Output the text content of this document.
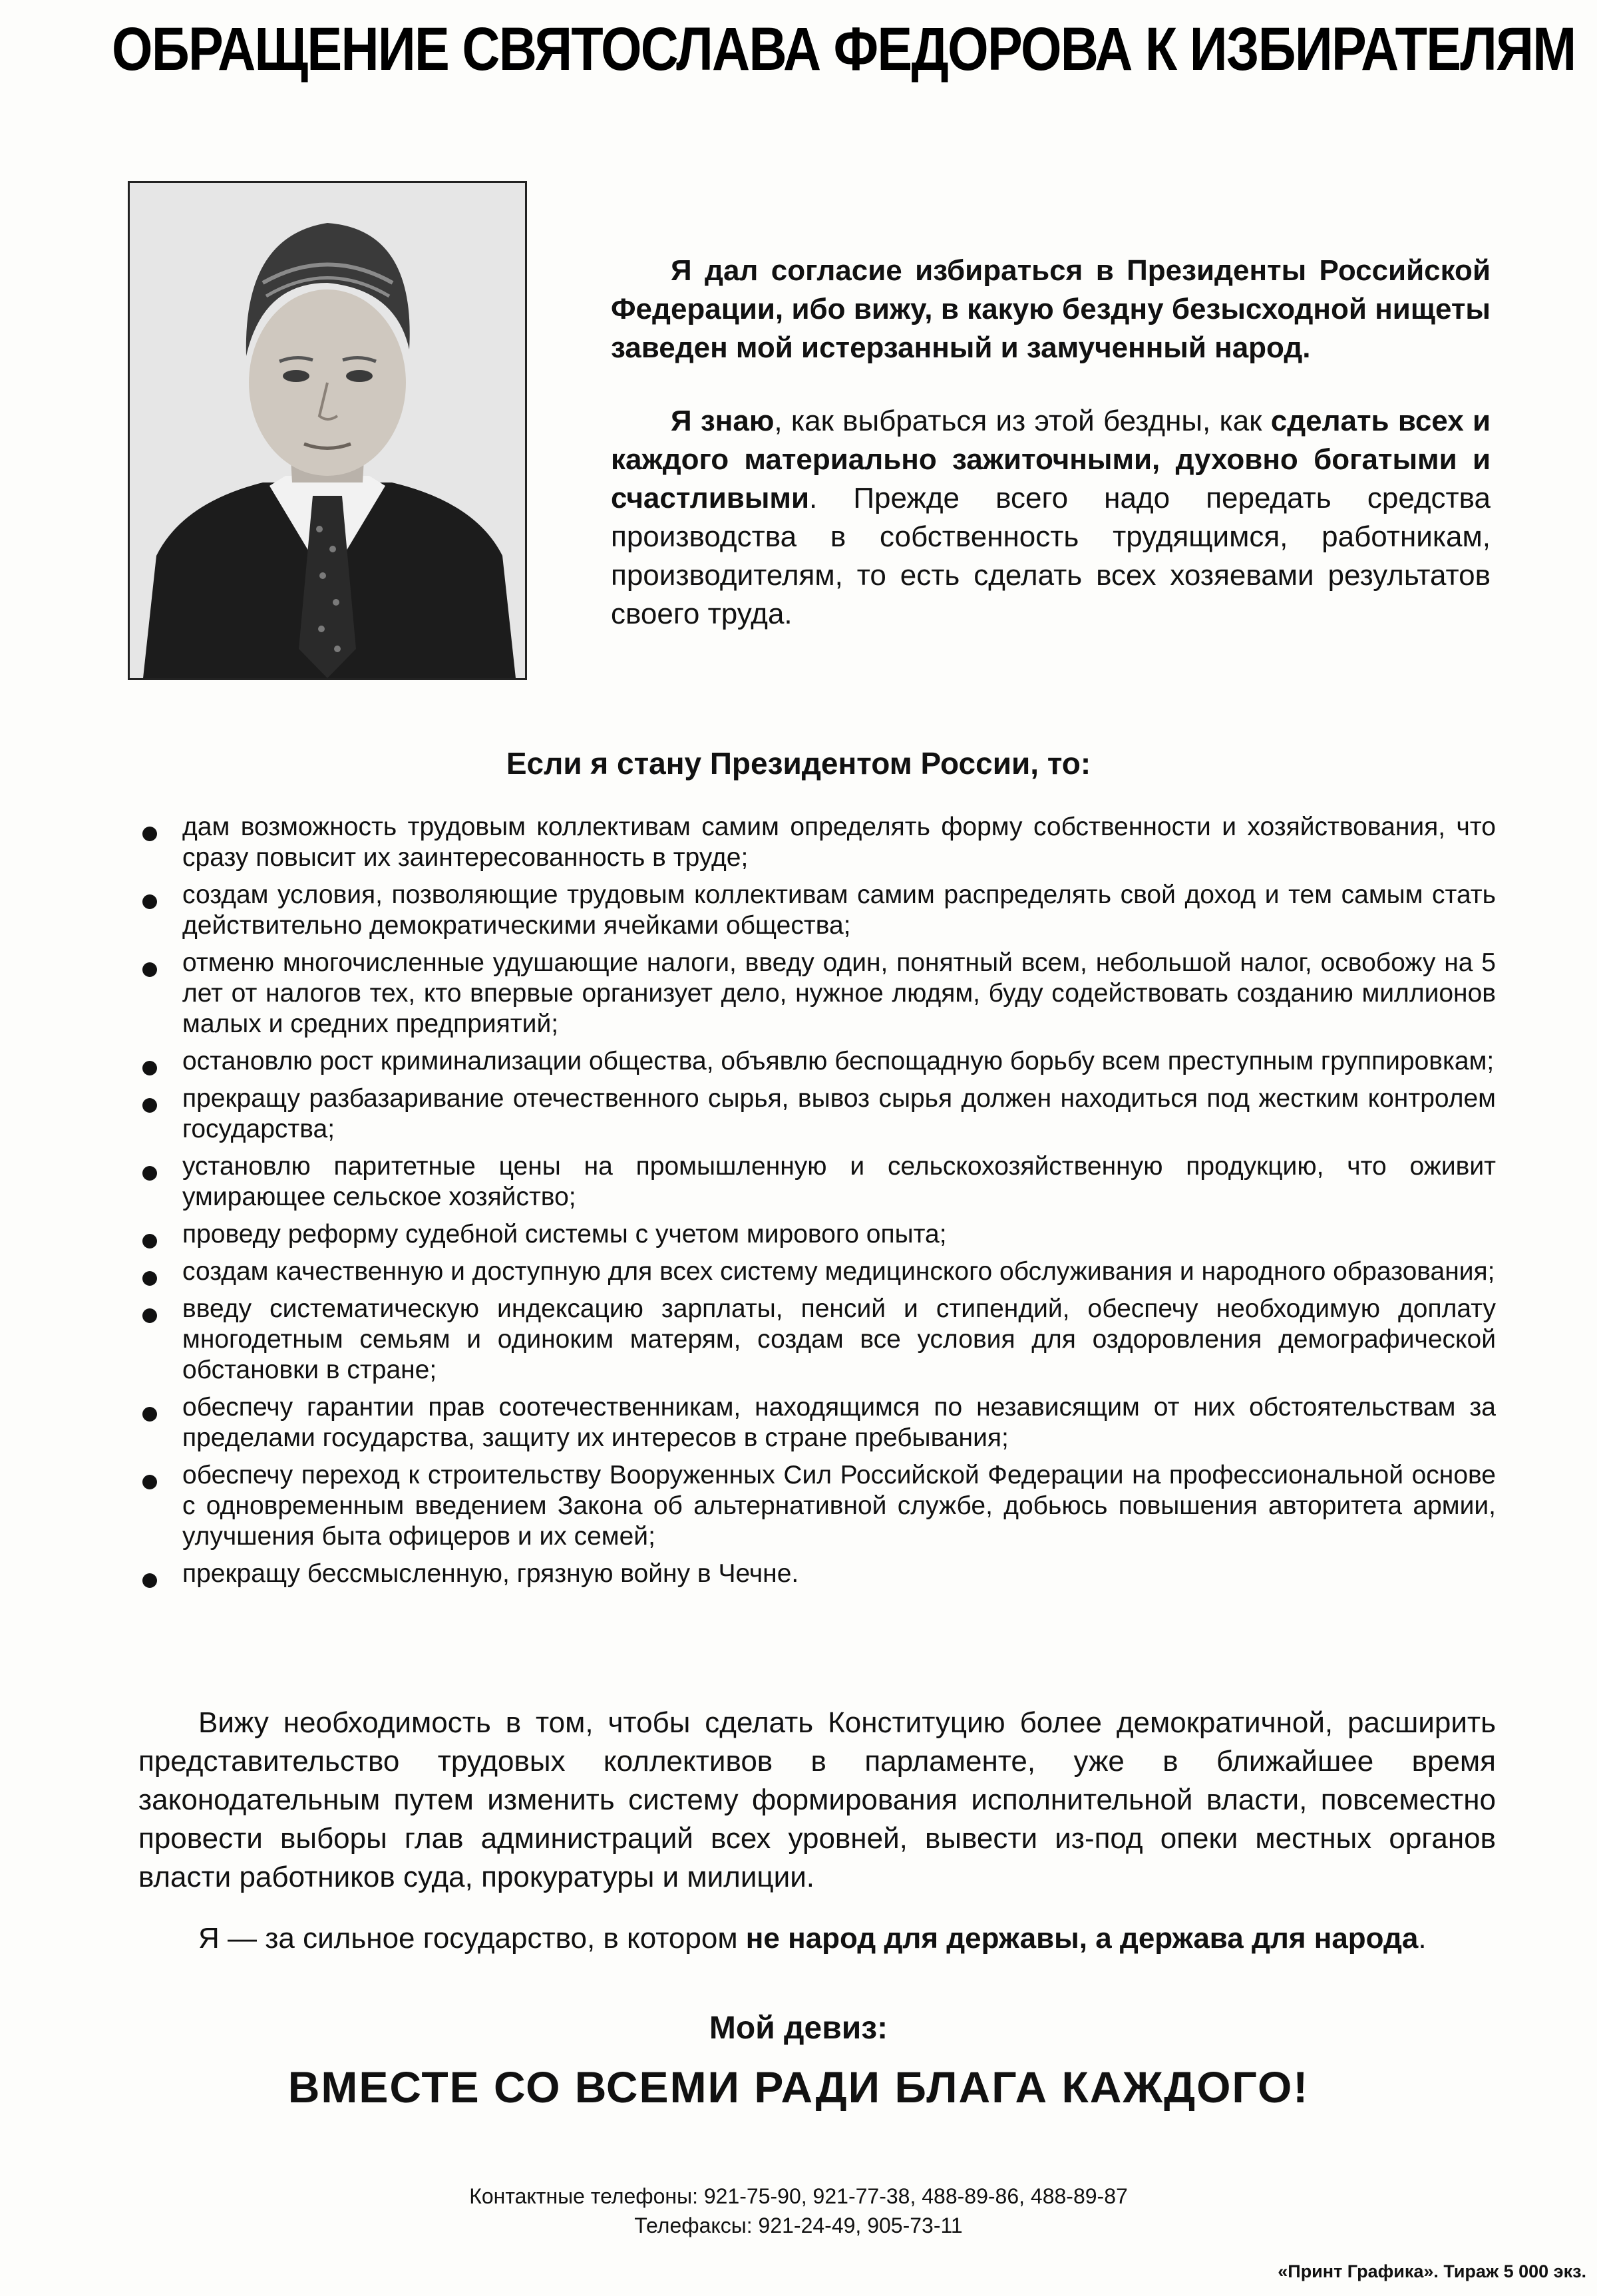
ОБРАЩЕНИЕ СВЯТОСЛАВА ФЕДОРОВА К ИЗБИРАТЕЛЯМ

Я дал согласие избираться в Президенты Российской Федерации, ибо вижу, в какую бездну безысходной нищеты заведен мой истерзанный и замученный народ.

Я знаю, как выбраться из этой бездны, как сделать всех и каждого материально зажиточными, духовно богатыми и счастливыми. Прежде всего надо передать средства производства в собственность трудящимся, работникам, производителям, то есть сделать всех хозяевами результатов своего труда.

Если я стану Президентом России, то:
дам возможность трудовым коллективам самим определять форму собственности и хозяйствования, что сразу повысит их заинтересованность в труде;
создам условия, позволяющие трудовым коллективам самим распределять свой доход и тем самым стать действительно демократическими ячейками общества;
отменю многочисленные удушающие налоги, введу один, понятный всем, небольшой налог, освобожу на 5 лет от налогов тех, кто впервые организует дело, нужное людям, буду содействовать созданию миллионов малых и средних предприятий;
остановлю рост криминализации общества, объявлю беспощадную борьбу всем преступным группировкам;
прекращу разбазаривание отечественного сырья, вывоз сырья должен находиться под жестким контролем государства;
установлю паритетные цены на промышленную и сельскохозяйственную продукцию, что оживит умирающее сельское хозяйство;
проведу реформу судебной системы с учетом мирового опыта;
создам качественную и доступную для всех систему медицинского обслуживания и народного образования;
введу систематическую индексацию зарплаты, пенсий и стипендий, обеспечу необходимую доплату многодетным семьям и одиноким матерям, создам все условия для оздоровления демографической обстановки в стране;
обеспечу гарантии прав соотечественникам, находящимся по независящим от них обстоятельствам за пределами государства, защиту их интересов в стране пребывания;
обеспечу переход к строительству Вооруженных Сил Российской Федерации на профессиональной основе с одновременным введением Закона об альтернативной службе, добьюсь повышения авторитета армии, улучшения быта офицеров и их семей;
прекращу бессмысленную, грязную войну в Чечне.

Вижу необходимость в том, чтобы сделать Конституцию более демократичной, расширить представительство трудовых коллективов в парламенте, уже в ближайшее время законодательным путем изменить систему формирования исполнительной власти, повсеместно провести выборы глав администраций всех уровней, вывести из-под опеки местных органов власти работников суда, прокуратуры и милиции.

Я — за сильное государство, в котором не народ для державы, а держава для народа.

Мой девиз:
ВМЕСТЕ СО ВСЕМИ РАДИ БЛАГА КАЖДОГО!
Контактные телефоны: 921-75-90, 921-77-38, 488-89-86, 488-89-87
Телефаксы: 921-24-49, 905-73-11
«Принт Графика». Тираж 5 000 экз.
